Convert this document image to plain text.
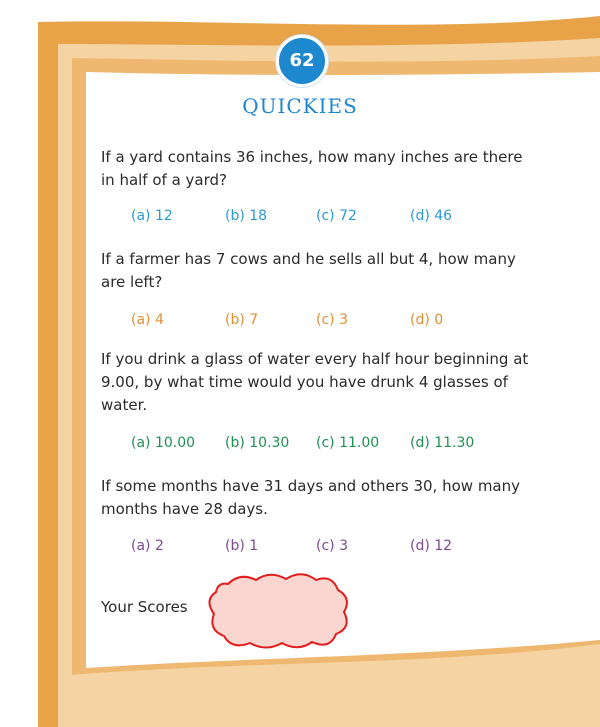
62
QUICKIES
If a yard contains 36 inches, how many inches are there in half of a yard?
(a) 12	(b) 18	(c) 72	(d) 46
If a farmer has 7 cows and he sells all but 4, how many are left?
(a) 4	(b) 7	(c) 3	(d) 0
If you drink a glass of water every half hour beginning at 9.00, by what time would you have drunk 4 glasses of water.
(a) 10.00 (b) 10.30 (c) 11.00 (d) 11.30
If some months have 31 days and others 30, how many months have 28 days.
(a) 2	(b) 1	(c) 3	(d) 12
Your Scores
